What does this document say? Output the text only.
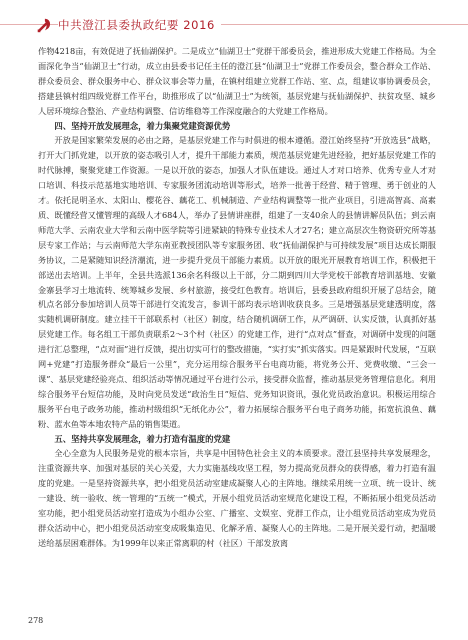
中共澄江县委执政纪要 2016

作物4218亩，有效促进了抚仙湖保护。二是成立“仙湖卫士”党群干部委员会，推进形成大党建工作格局。为全面深化争当“仙湖卫士”行动，成立由县委书记任主任的澄江县“仙湖卫士”党群工作委员会，整合群众工作站、群众委员会、群众服务中心、群众议事会等力量，在镇村组建立党群工作站、室、点，组建议事协调委员会，搭建县镇村组四级党群工作平台，助推形成了以“仙湖卫士”为统领，基层党建与抚仙湖保护、扶贫攻坚、城乡人居环境综合整治、产业结构调整、信访维稳等工作深度融合的大党建工作格局。

四、坚持开放发展理念，着力集聚党建资源优势

开放是国家繁荣发展的必由之路，是基层党建工作与时俱进的根本遵循。澄江始终坚持“开放选县”战略，打开大门抓党建，以开放的姿态吸引人才，提升干部能力素质，规范基层党建先进经验，把好基层党建工作的时代脉搏，聚聚党建工作资源。一是以开放的姿态，加强人才队伍建设。通过人才对口培养、优秀专业人才对口培训、科技示范基地实地培训、专家服务团流动培训等形式，培养一批善于经营、精于管理、勇于创业的人才。依托昆明圣水、太阳山、樱花谷、藕花工、机械制造、产业结构调整等一批产业项目，引进高智高、高素质、既懂经营又懂管理的高级人才684人，举办了县情讲座群，组建了一支40余人的县情讲解员队伍；到云南师范大学、云南农业大学和云南中医学院等引进紧缺的特殊专业技术人才27名；建立高层次生物资研究所等基层专家工作站；与云南师范大学东南亚教授团队等专家服务团、收“抚仙湖保护与可持续发展”项目达成长期服务协议，二是紧随知识经济潮流，进一步提升党员干部能力素质。以开放的眼光开展教育培训工作，积极把干部送出去培训。上半年，全县共选派136余名科级以上干部，分二期到四川大学党校干部教育培训基地、安徽金寨县学习土地流转、统筹城乡发展、乡村旅游，接受红色教育。培训后，县委县政府组织开展了总结会，随机点名部分参加培训人员等干部进行交流发言，参训干部均表示培训收获良多。三是增强基层党建透明度，落实随机调研制度。建立挂干干部联系村（社区）制度，结合随机调研工作，从严调研、认实反馈，认真抓好基层党建工作。每名组工干部负责联系2～3个村（社区）的党建工作，进行“点对点”督查，对调研中发现的问题进行汇总整理，“点对面”进行反馈，提出切实可行的整改措施，“实打实”抓实落实。四是紧跟时代发展，“互联网+党建”打造服务群众“最后一公里”，充分运用综合服务平台电商功能，将党务公开、党费收缴、“三会一课”、基层党建经验亮点、组织活动等情况通过平台进行公示，接受群众监督，推动基层党务管理信息化。利用综合服务平台短信功能，及时向党员发送“政治生日”短信、党务知识资讯，强化党员政治意识。积极运用综合服务平台电子政务功能，推动村级组织“无纸化办公”，着力拓展综合服务平台电子商务功能，拓宽抗浪鱼、藕粉、蓝水鱼等本地农特产品的销售渠道。

五、坚持共享发展理念，着力打造有温度的党建

全心全意为人民服务是党的根本宗旨，共享是中国特色社会主义的本质要求。澄江县坚持共享发展理念，注重资源共享、加强对基层的关心关爱，大力实施基线攻坚工程，努力提高党员群众的获得感，着力打造有温度的党建。一是坚持资源共享，把小组党员活动室建成凝聚人心的主阵地。继续采用统一立项、统一设计、统一建设、统一验收、统一管理的“五统一”模式，开展小组党员活动室规范化建设工程，不断拓展小组党员活动室功能，把小组党员活动室打造成为小组办公室、广播室、文娱室、党群工作点，让小组党员活动室成为党员群众活动中心，把小组党员活动室变成吸集造见、化解矛盾、凝聚人心的主阵地。二是开展关爱行动，把温暖送给基层困难群体。为1999年以来正常离职的村（社区）干部发放离

278
